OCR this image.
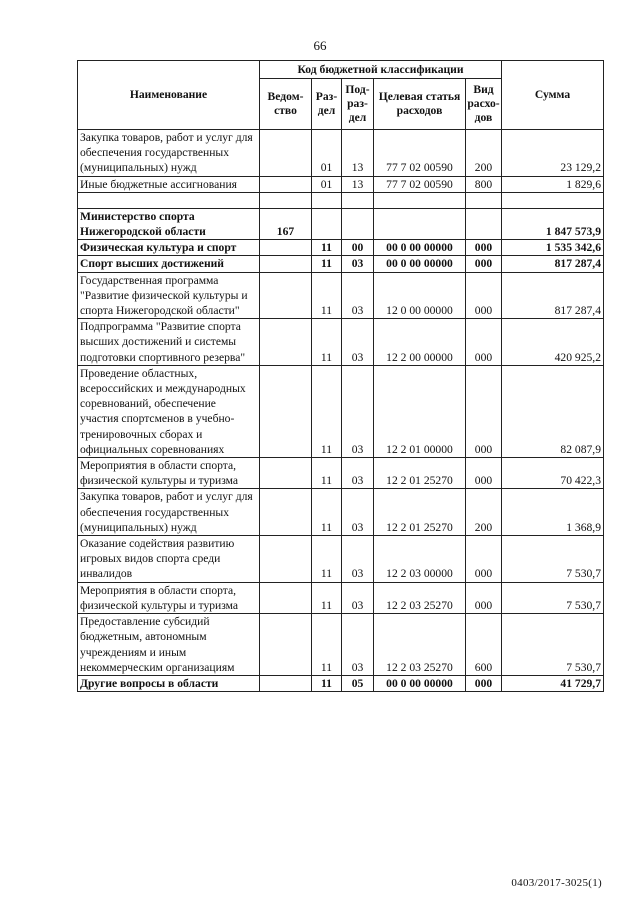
66
Наименование	Код бюджетной классификации					Сумма
	Ведом-ство	Раз-дел	Под-раз-дел	Целевая статья расходов	Вид расхо-дов	
Закупка товаров, работ и услуг для обеспечения государственных (муниципальных) нужд		01	13	77 7 02 00590	200	23 129,2
Иные бюджетные ассигнования		01	13	77 7 02 00590	800	1 829,6

Министерство спорта Нижегородской области	167					1 847 573,9
Физическая культура и спорт		11	00	00 0 00 00000	000	1 535 342,6
Спорт высших достижений		11	03	00 0 00 00000	000	817 287,4
Государственная программа "Развитие физической культуры и спорта Нижегородской области"		11	03	12 0 00 00000	000	817 287,4
Подпрограмма "Развитие спорта высших достижений и системы подготовки спортивного резерва"		11	03	12 2 00 00000	000	420 925,2
Проведение областных, всероссийских и международных соревнований, обеспечение участия спортсменов в учебно-тренировочных сборах и официальных соревнованиях		11	03	12 2 01 00000	000	82 087,9
Мероприятия в области спорта, физической культуры и туризма		11	03	12 2 01 25270	000	70 422,3
Закупка товаров, работ и услуг для обеспечения государственных (муниципальных) нужд		11	03	12 2 01 25270	200	1 368,9
Оказание содействия развитию игровых видов спорта среди инвалидов		11	03	12 2 03 00000	000	7 530,7
Мероприятия в области спорта, физической культуры и туризма		11	03	12 2 03 25270	000	7 530,7
Предоставление субсидий бюджетным, автономным учреждениям и иным некоммерческим организациям		11	03	12 2 03 25270	600	7 530,7
Другие вопросы в области		11	05	00 0 00 00000	000	41 729,7
0403/2017-3025(1)
